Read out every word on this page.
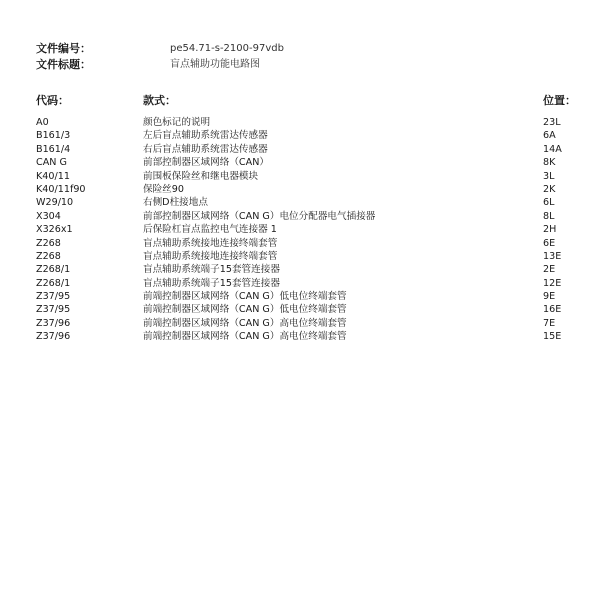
文件编号：	pe54.71-s-2100-97vdb
文件标题：	盲点辅助功能电路图
代码：	款式：	位置：
A0	颜色标记的说明	23L
B161/3	左后盲点辅助系统雷达传感器	6A
B161/4	右后盲点辅助系统雷达传感器	14A
CAN G	前部控制器区域网络（CAN）	8K
K40/11	前围板保险丝和继电器模块	3L
K40/11f90	保险丝90	2K
W29/10	右侧D柱接地点	6L
X304	前部控制器区域网络（CAN G）电位分配器电气插接器	8L
X326x1	后保险杠盲点监控电气连接器 1	2H
Z268	盲点辅助系统接地连接终端套管	6E
Z268	盲点辅助系统接地连接终端套管	13E
Z268/1	盲点辅助系统端子15套管连接器	2E
Z268/1	盲点辅助系统端子15套管连接器	12E
Z37/95	前端控制器区域网络（CAN G）低电位终端套管	9E
Z37/95	前端控制器区域网络（CAN G）低电位终端套管	16E
Z37/96	前端控制器区域网络（CAN G）高电位终端套管	7E
Z37/96	前端控制器区域网络（CAN G）高电位终端套管	15E
